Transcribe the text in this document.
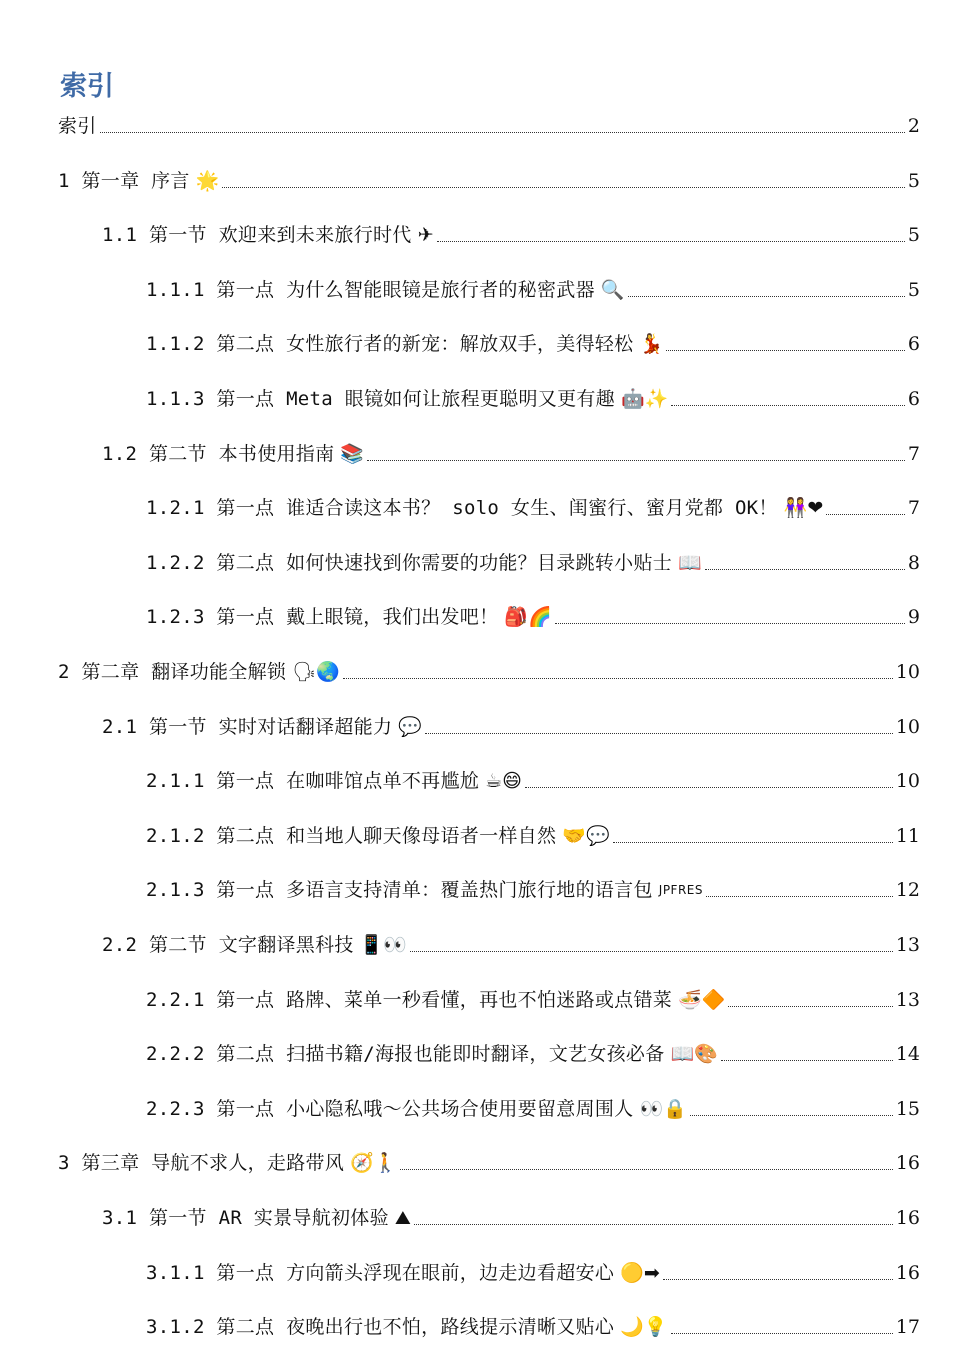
索引
索引	2
1 第一章 序言 🌟	5
1.1 第一节 欢迎来到未来旅行时代 ✈	5
1.1.1 第一点 为什么智能眼镜是旅行者的秘密武器 🔍	5
1.1.2 第二点 女性旅行者的新宠：解放双手，美得轻松 💃	6
1.1.3 第一点 Meta 眼镜如何让旅程更聪明又更有趣 🤖✨	6
1.2 第二节 本书使用指南 📚	7
1.2.1 第一点 谁适合读这本书？ solo 女生、闺蜜行、蜜月党都 OK！ 👭❤	7
1.2.2 第二点 如何快速找到你需要的功能？目录跳转小贴士 📖	8
1.2.3 第一点 戴上眼镜，我们出发吧！ 🎒🌈	9
2 第二章 翻译功能全解锁 🗣🌏	10
2.1 第一节 实时对话翻译超能力 💬	10
2.1.1 第一点 在咖啡馆点单不再尴尬 ☕😄	10
2.1.2 第二点 和当地人聊天像母语者一样自然 🤝💬	11
2.1.3 第一点 多语言支持清单：覆盖热门旅行地的语言包 JPFRES	12
2.2 第二节 文字翻译黑科技 📱👀	13
2.2.1 第一点 路牌、菜单一秒看懂，再也不怕迷路或点错菜 🍜🔶	13
2.2.2 第二点 扫描书籍/海报也能即时翻译，文艺女孩必备 📖🎨	14
2.2.3 第一点 小心隐私哦～公共场合使用要留意周围人 👀🔒	15
3 第三章 导航不求人，走路带风 🧭🚶	16
3.1 第一节 AR 实景导航初体验 ⛰	16
3.1.1 第一点 方向箭头浮现在眼前，边走边看超安心 🟡➡	16
3.1.2 第二点 夜晚出行也不怕，路线提示清晰又贴心 🌙💡	17
